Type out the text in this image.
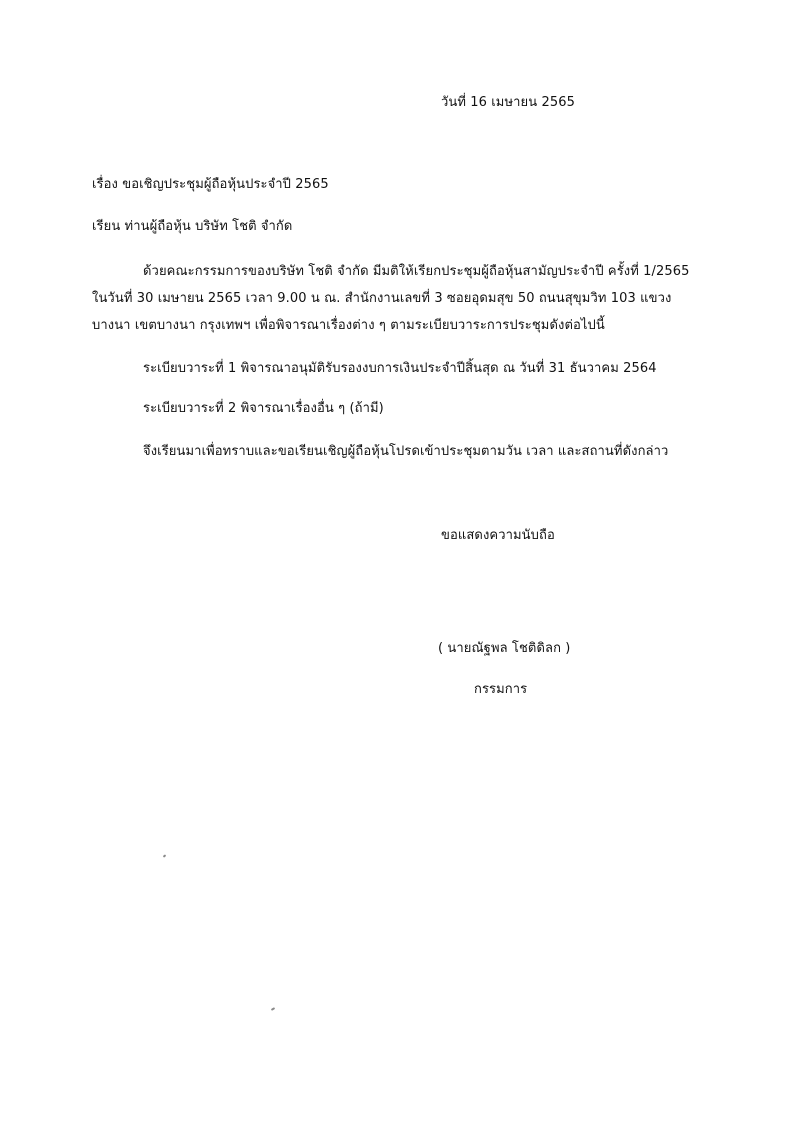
วันที่ 16 เมษายน 2565
เรื่อง ขอเชิญประชุมผู้ถือหุ้นประจำปี 2565
เรียน ท่านผู้ถือหุ้น บริษัท โชติ จำกัด
ด้วยคณะกรรมการของบริษัท โชติ จำกัด มีมติให้เรียกประชุมผู้ถือหุ้นสามัญประจำปี ครั้งที่ 1/2565
ในวันที่ 30 เมษายน 2565 เวลา 9.00 น ณ. สำนักงานเลขที่ 3 ซอยอุดมสุข 50 ถนนสุขุมวิท 103 แขวง
บางนา เขตบางนา กรุงเทพฯ เพื่อพิจารณาเรื่องต่าง ๆ ตามระเบียบวาระการประชุมดังต่อไปนี้
ระเบียบวาระที่ 1 พิจารณาอนุมัติรับรองงบการเงินประจำปีสิ้นสุด ณ วันที่ 31 ธันวาคม 2564
ระเบียบวาระที่ 2 พิจารณาเรื่องอื่น ๆ (ถ้ามี)
จึงเรียนมาเพื่อทราบและขอเรียนเชิญผู้ถือหุ้นโปรดเข้าประชุมตามวัน เวลา และสถานที่ดังกล่าว
ขอแสดงความนับถือ
( นายณัฐพล โชติดิลก )
กรรมการ
